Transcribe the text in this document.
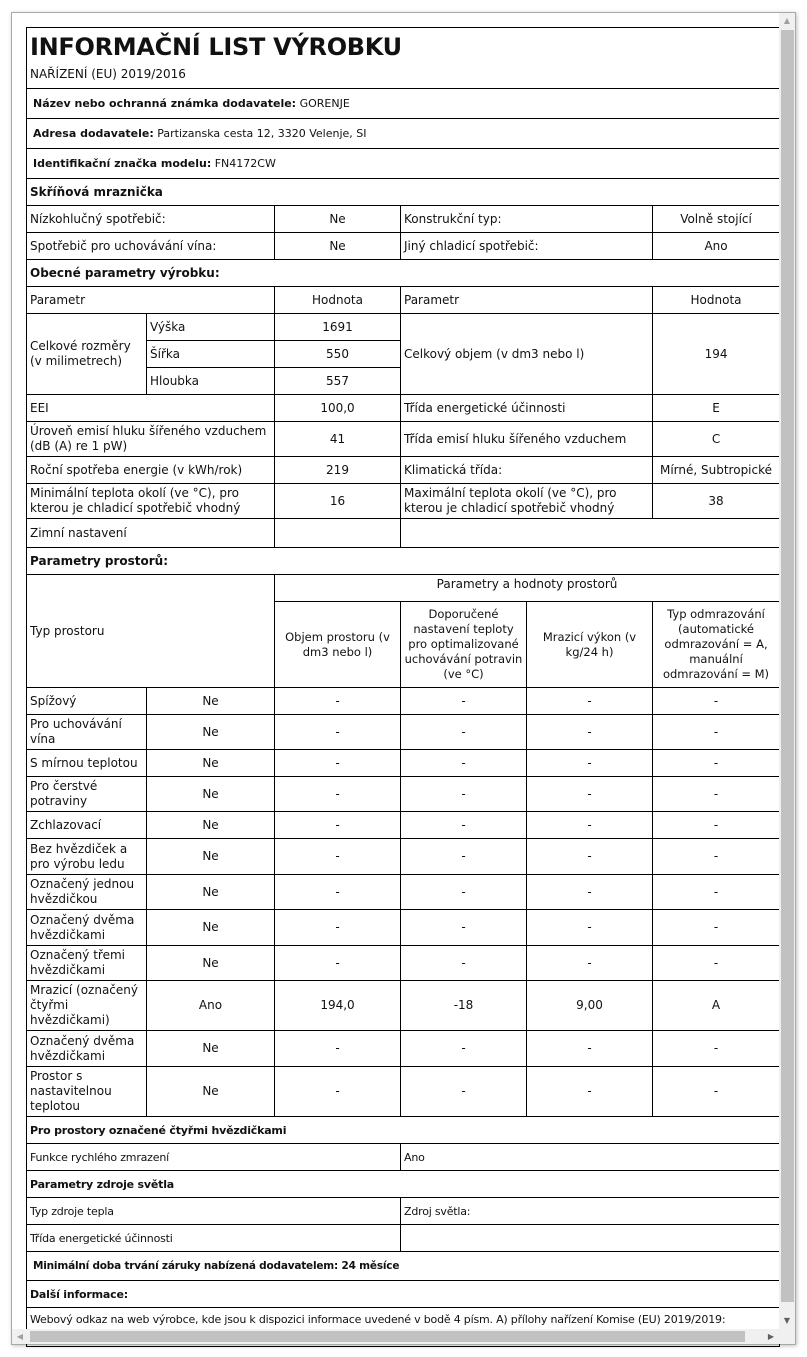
INFORMAČNÍ LIST VÝROBKU					
NAŘÍZENÍ (EU) 2019/2016					
Název nebo ochranná známka dodavatele: GORENJE					
Adresa dodavatele: Partizanska cesta 12, 3320 Velenje, SI					
Identifikační značka modelu: FN4172CW					
Skříňová mraznička					
Nízkohlučný spotřebič:		Ne	Konstrukční typ:		Volně stojící
Spotřebič pro uchovávání vína:		Ne	Jiný chladicí spotřebič:		Ano
Obecné parametry výrobku:					
Parametr		Hodnota	Parametr		Hodnota
Celkové rozměry (v milimetrech)	Výška	1691	Celkový objem (v dm3 nebo l)		194
	Šířka	550			
	Hloubka	557			
EEI		100,0	Třída energetické účinnosti		E
Úroveň emisí hluku šířeného vzduchem (dB (A) re 1 pW)		41	Třída emisí hluku šířeného vzduchem		C
Roční spotřeba energie (v kWh/rok)		219	Klimatická třída:		Mírné, Subtropické
Minimální teplota okolí (ve °C), pro kterou je chladicí spotřebič vhodný		16	Maximální teplota okolí (ve °C), pro kterou je chladicí spotřebič vhodný		38
Zimní nastavení					
Parametry prostorů:					
Typ prostoru		Parametry a hodnoty prostorů			
		Objem prostoru (v dm3 nebo l)	Doporučené nastavení teploty pro optimalizované uchovávání potravin (ve °C)	Mrazicí výkon (v kg/24 h)	Typ odmrazování (automatické odmrazování = A, manuální odmrazování = M)
Spížový	Ne	-	-	-	-
Pro uchovávání vína	Ne	-	-	-	-
S mírnou teplotou	Ne	-	-	-	-
Pro čerstvé potraviny	Ne	-	-	-	-
Zchlazovací	Ne	-	-	-	-
Bez hvězdiček a pro výrobu ledu	Ne	-	-	-	-
Označený jednou hvězdičkou	Ne	-	-	-	-
Označený dvěma hvězdičkami	Ne	-	-	-	-
Označený třemi hvězdičkami	Ne	-	-	-	-
Mrazicí (označený čtyřmi hvězdičkami)	Ano	194,0	-18	9,00	A
Označený dvěma hvězdičkami	Ne	-	-	-	-
Prostor s nastavitelnou teplotou	Ne	-	-	-	-
Pro prostory označené čtyřmi hvězdičkami					
Funkce rychlého zmrazení			Ano		
Parametry zdroje světla					
Typ zdroje tepla			Zdroj světla:		
Třída energetické účinnosti					
Minimální doba trvání záruky nabízená dodavatelem: 24 měsíce					
Další informace:					

Webový odkaz na web výrobce, kde jsou k dispozici informace uvedené v bodě 4 písm. A) přílohy nařízení Komise (EU) 2019/2019:					
▲
▼
◀	▶
